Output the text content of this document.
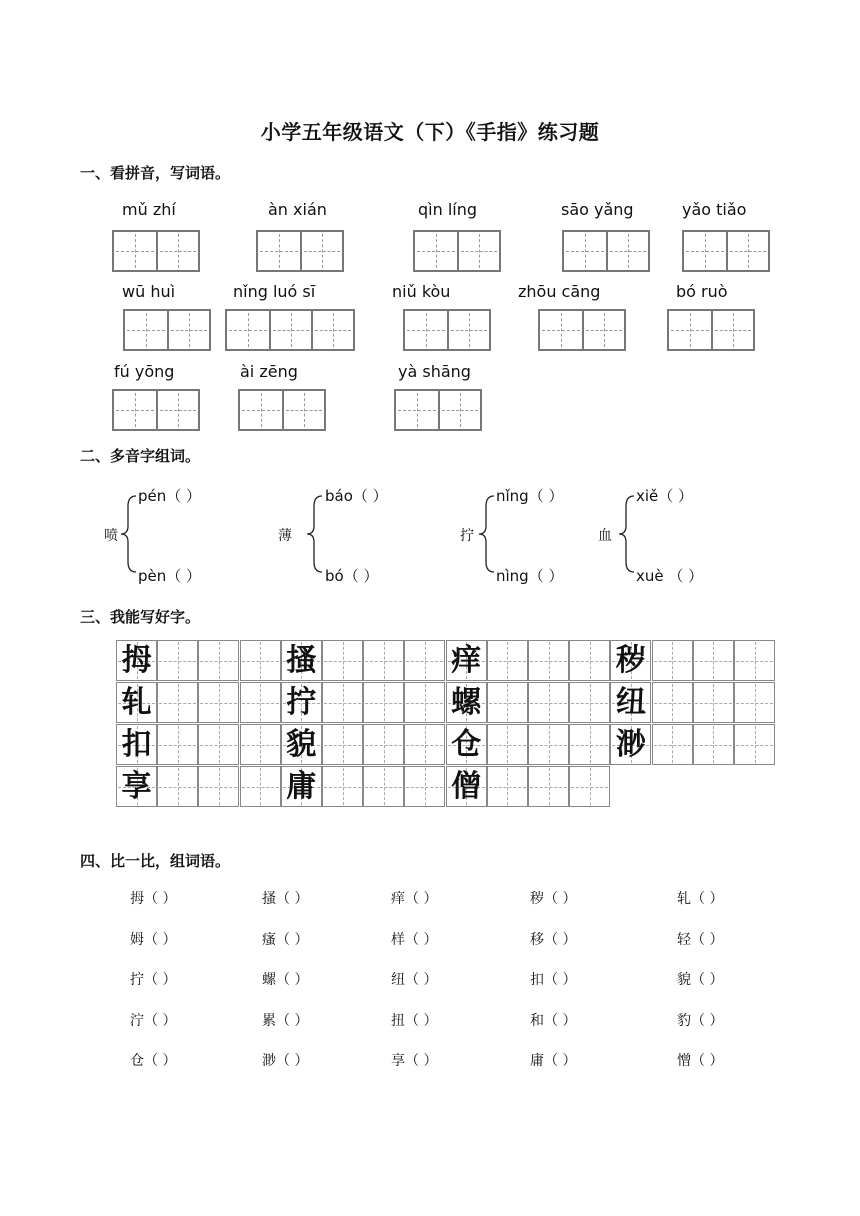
小学五年级语文（下）《手指》练习题
一、看拼音，写词语。
二、多音字组词。
三、我能写好字。
四、比一比，组词语。
mǔ zhí	àn xián	qìn líng	sāo yǎng	yǎo tiǎo
wū huì	nǐng luó sī	niǔ kòu	zhōu cāng	bó ruò
fú yōng	ài zēng	yà shāng
喷
pén（ ）
pèn（ ）
薄
báo（ ）
bó（ ）
拧
nǐng（ ）
nìng（ ）
血
xiě（ ）
xuè （ ）
拇	搔	痒	秽
轧	拧	螺	纽
扣	貌	仓	渺
享	庸	僧
拇（ ）	搔（ ）	痒（ ）	秽（ ）	轧（ ）
姆（ ）	瘙（ ）	样（ ）	移（ ）	轻（ ）
拧（ ）	螺（ ）	纽（ ）	扣（ ）	貌（ ）
泞（ ）	累（ ）	扭（ ）	和（ ）	豹（ ）
仓（ ）	渺（ ）	享（ ）	庸（ ）	憎（ ）
